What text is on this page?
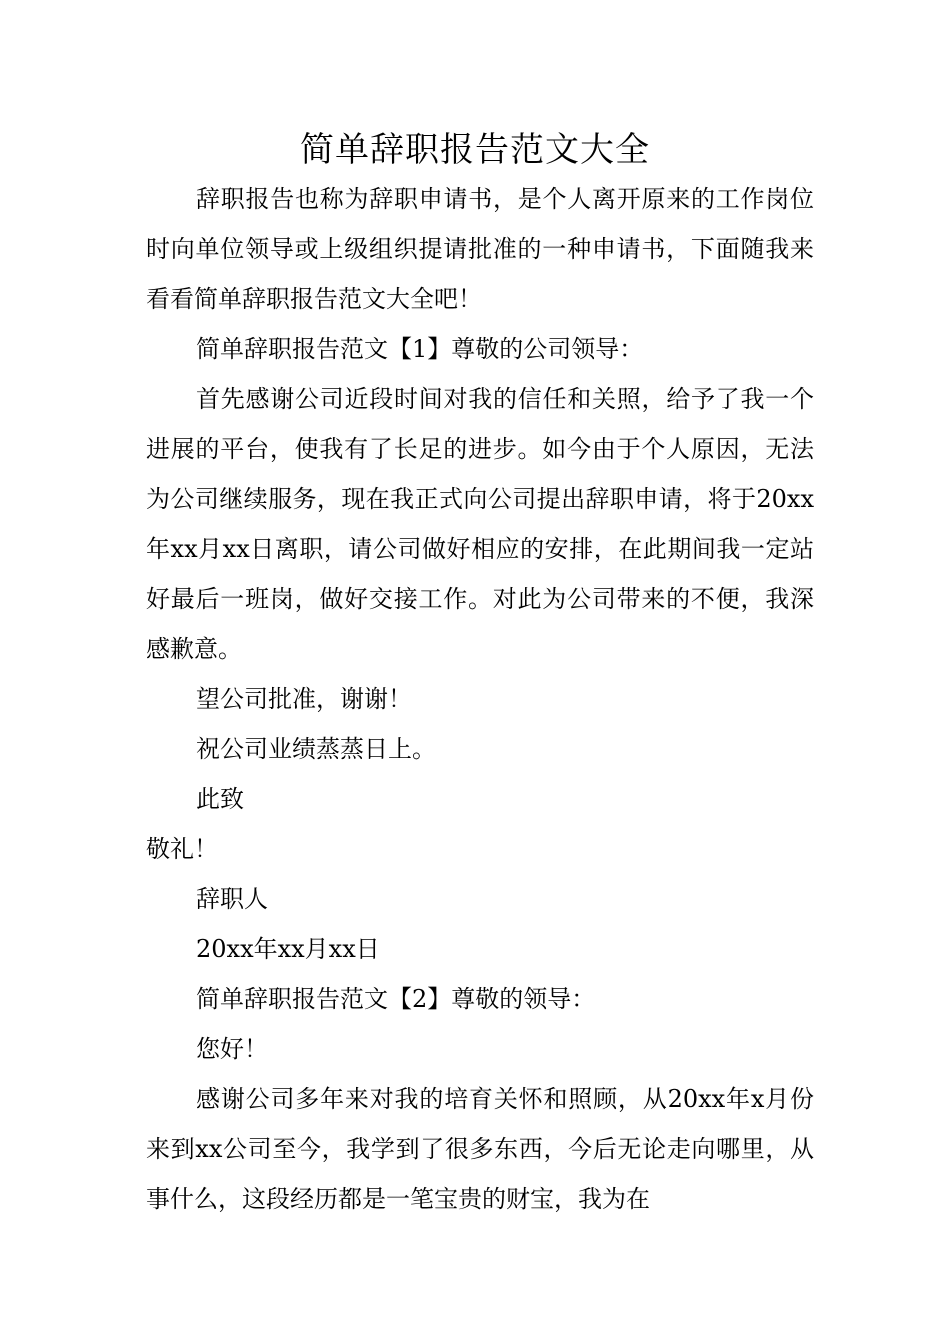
简单辞职报告范文大全

辞职报告也称为辞职申请书，是个人离开原来的工作岗位时向单位领导或上级组织提请批准的一种申请书，下面随我来看看简单辞职报告范文大全吧！

简单辞职报告范文【1】尊敬的公司领导：

首先感谢公司近段时间对我的信任和关照，给予了我一个进展的平台，使我有了长足的进步。如今由于个人原因，无法为公司继续服务，现在我正式向公司提出辞职申请，将于20xx年xx月xx日离职，请公司做好相应的安排，在此期间我一定站好最后一班岗，做好交接工作。对此为公司带来的不便，我深感歉意。

望公司批准，谢谢！

祝公司业绩蒸蒸日上。

此致

敬礼！

辞职人

20xx年xx月xx日

简单辞职报告范文【2】尊敬的领导：

您好！

感谢公司多年来对我的培育关怀和照顾，从20xx年x月份来到xx公司至今，我学到了很多东西，今后无论走向哪里，从事什么，这段经历都是一笔宝贵的财宝，我为在
